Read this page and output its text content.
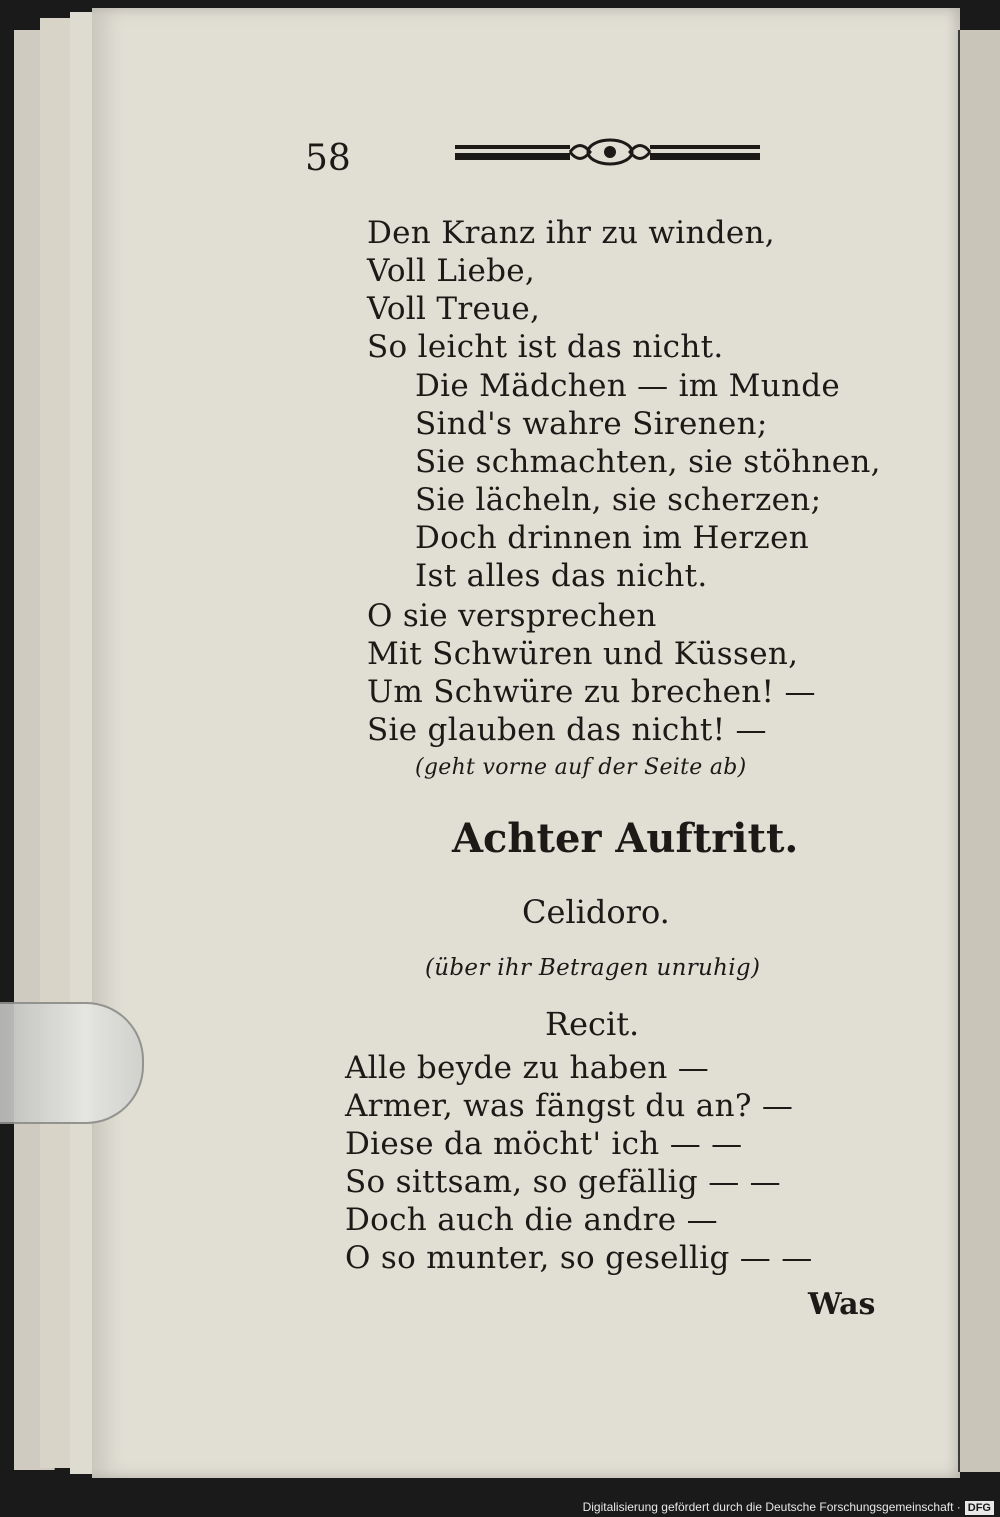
58
Den Kranz ihr zu winden,
Voll Liebe,
Voll Treue,
So leicht ist das nicht.
Die Mädchen — im Munde
Sind's wahre Sirenen;
Sie schmachten, sie stöhnen,
Sie lächeln, sie scherzen;
Doch drinnen im Herzen
Ist alles das nicht.
O sie versprechen
Mit Schwüren und Küssen,
Um Schwüre zu brechen! —
Sie glauben das nicht! —
(geht vorne auf der Seite ab)
Achter Auftritt.
Celidoro.
(über ihr Betragen unruhig)
Recit.
Alle beyde zu haben —
Armer, was fängst du an? —
Diese da möcht' ich — —
So sittsam, so gefällig — —
Doch auch die andre —
O so munter, so gesellig — —
Was
Digitalisierung gefördert durch die Deutsche Forschungsgemeinschaft · DFG
